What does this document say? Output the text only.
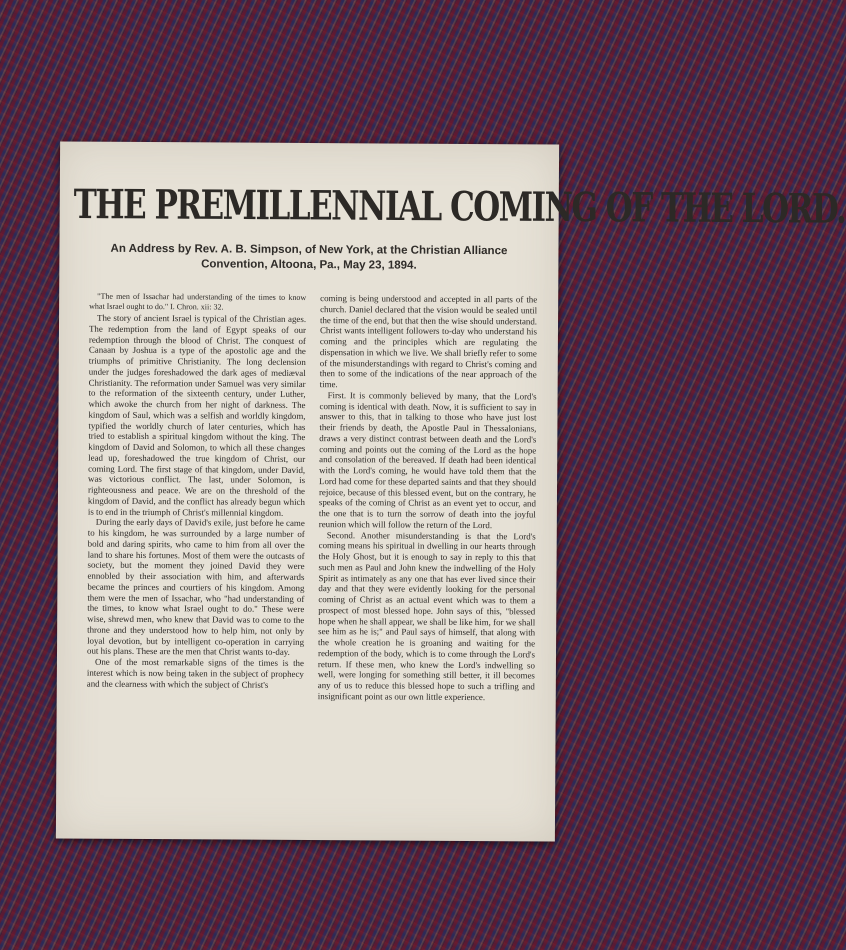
THE PREMILLENNIAL COMING OF THE LORD.
An Address by Rev. A. B. Simpson, of New York, at the Christian Alliance Convention, Altoona, Pa., May 23, 1894.

"The men of Issachar had understanding of the times to know what Israel ought to do." I. Chron. xii: 32.

The story of ancient Israel is typical of the Christian ages. The redemption from the land of Egypt speaks of our redemption through the blood of Christ. The conquest of Canaan by Joshua is a type of the apostolic age and the triumphs of primitive Christianity. The long declension under the judges foreshadowed the dark ages of mediæval Christianity. The reformation under Samuel was very similar to the reformation of the sixteenth century, under Luther, which awoke the church from her night of darkness. The kingdom of Saul, which was a selfish and worldly kingdom, typified the worldly church of later centuries, which has tried to establish a spiritual kingdom without the king. The kingdom of David and Solomon, to which all these changes lead up, foreshadowed the true kingdom of Christ, our coming Lord. The first stage of that kingdom, under David, was victorious conflict. The last, under Solomon, is righteousness and peace. We are on the threshold of the kingdom of David, and the conflict has already begun which is to end in the triumph of Christ's millennial kingdom.

During the early days of David's exile, just before he came to his kingdom, he was surrounded by a large number of bold and daring spirits, who came to him from all over the land to share his fortunes. Most of them were the outcasts of society, but the moment they joined David they were ennobled by their association with him, and afterwards became the princes and courtiers of his kingdom. Among them were the men of Issachar, who "had understanding of the times, to know what Israel ought to do." These were wise, shrewd men, who knew that David was to come to the throne and they understood how to help him, not only by loyal devotion, but by intelligent co-operation in carrying out his plans. These are the men that Christ wants to-day.

One of the most remarkable signs of the times is the interest which is now being taken in the subject of prophecy and the clearness with which the subject of Christ's

coming is being understood and accepted in all parts of the church. Daniel declared that the vision would be sealed until the time of the end, but that then the wise should understand. Christ wants intelligent followers to-day who understand his coming and the principles which are regulating the dispensation in which we live. We shall briefly refer to some of the misunderstandings with regard to Christ's coming and then to some of the indications of the near approach of the time.

First. It is commonly believed by many, that the Lord's coming is identical with death. Now, it is sufficient to say in answer to this, that in talking to those who have just lost their friends by death, the Apostle Paul in Thessalonians, draws a very distinct contrast between death and the Lord's coming and points out the coming of the Lord as the hope and consolation of the bereaved. If death had been identical with the Lord's coming, he would have told them that the Lord had come for these departed saints and that they should rejoice, because of this blessed event, but on the contrary, he speaks of the coming of Christ as an event yet to occur, and the one that is to turn the sorrow of death into the joyful reunion which will follow the return of the Lord.

Second. Another misunderstanding is that the Lord's coming means his spiritual in dwelling in our hearts through the Holy Ghost, but it is enough to say in reply to this that such men as Paul and John knew the indwelling of the Holy Spirit as intimately as any one that has ever lived since their day and that they were evidently looking for the personal coming of Christ as an actual event which was to them a prospect of most blessed hope. John says of this, "blessed hope when he shall appear, we shall be like him, for we shall see him as he is;" and Paul says of himself, that along with the whole creation he is groaning and waiting for the redemption of the body, which is to come through the Lord's return. If these men, who knew the Lord's indwelling so well, were longing for something still better, it ill becomes any of us to reduce this blessed hope to such a trifling and insignificant point as our own little experience.
